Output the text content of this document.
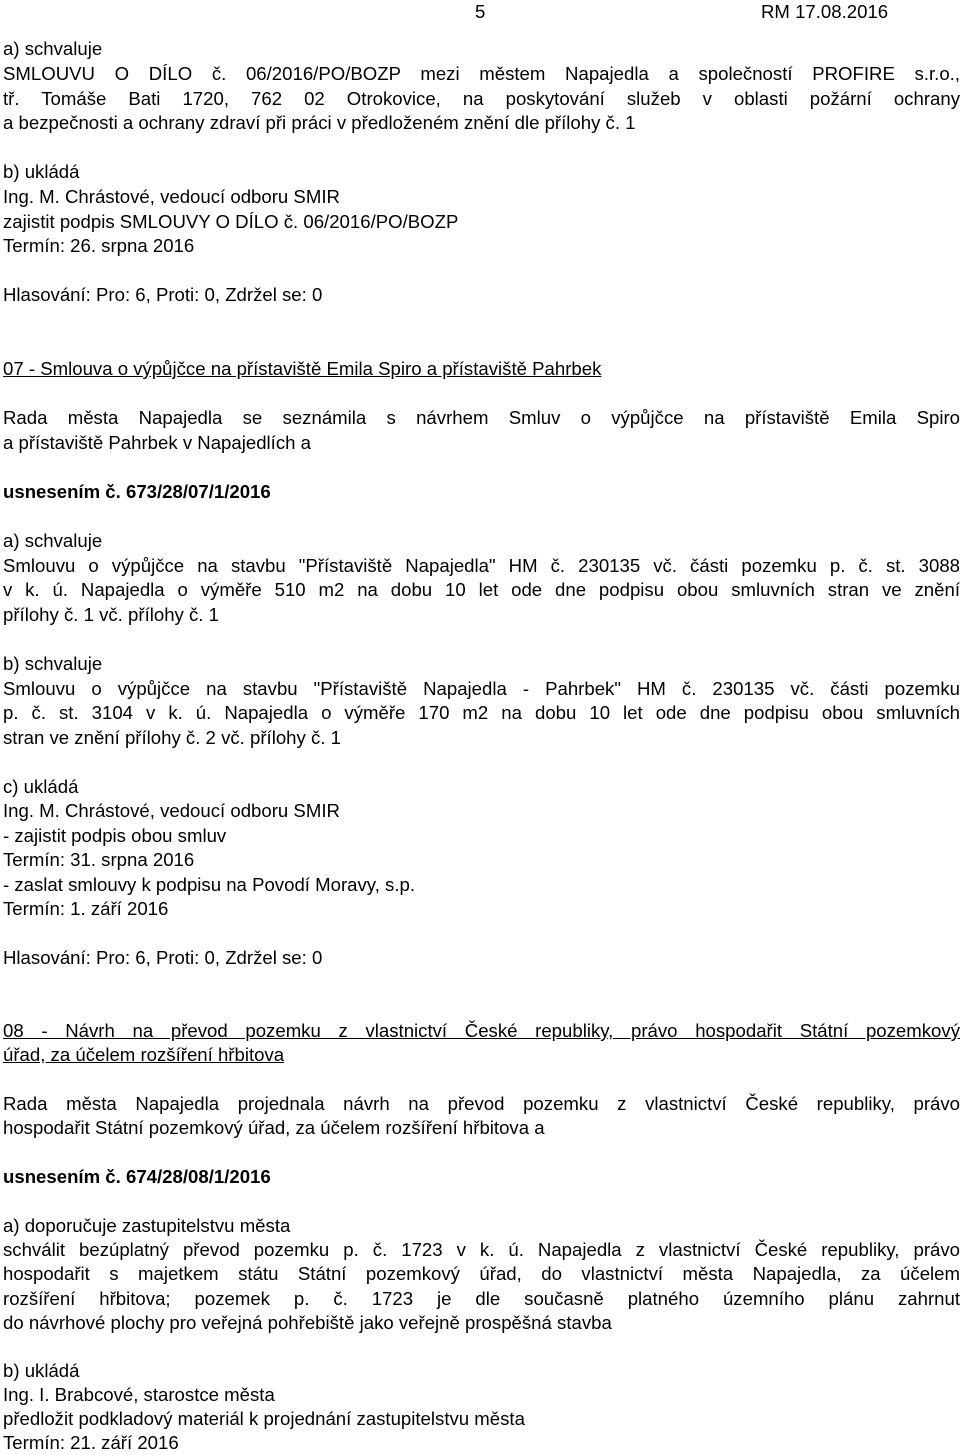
5	RM 17.08.2016
a) schvaluje
SMLOUVU O DÍLO č. 06/2016/PO/BOZP mezi městem Napajedla a společností PROFIRE s.r.o.,
tř. Tomáše Bati 1720, 762 02 Otrokovice, na poskytování služeb v oblasti požární ochrany
a bezpečnosti a ochrany zdraví při práci v předloženém znění dle přílohy č. 1
b) ukládá
Ing. M. Chrástové, vedoucí odboru SMIR
zajistit podpis SMLOUVY O DÍLO č. 06/2016/PO/BOZP
Termín: 26. srpna 2016
Hlasování: Pro: 6, Proti: 0, Zdržel se: 0
07 - Smlouva o výpůjčce na přístaviště Emila Spiro a přístaviště Pahrbek
Rada města Napajedla se seznámila s návrhem Smluv o výpůjčce na přístaviště Emila Spiro
a přístaviště Pahrbek v Napajedlích a
usnesením č. 673/28/07/1/2016
a) schvaluje
Smlouvu o výpůjčce na stavbu "Přístaviště Napajedla" HM č. 230135 vč. části pozemku p. č. st. 3088
v k. ú. Napajedla o výměře 510 m2 na dobu 10 let ode dne podpisu obou smluvních stran ve znění
přílohy č. 1 vč. přílohy č. 1
b) schvaluje
Smlouvu o výpůjčce na stavbu "Přístaviště Napajedla - Pahrbek" HM č. 230135 vč. části pozemku
p. č. st. 3104 v k. ú. Napajedla o výměře 170 m2 na dobu 10 let ode dne podpisu obou smluvních
stran ve znění přílohy č. 2 vč. přílohy č. 1
c) ukládá
Ing. M. Chrástové, vedoucí odboru SMIR
- zajistit podpis obou smluv
Termín: 31. srpna 2016
- zaslat smlouvy k podpisu na Povodí Moravy, s.p.
Termín: 1. září 2016
Hlasování: Pro: 6, Proti: 0, Zdržel se: 0
08 - Návrh na převod pozemku z vlastnictví České republiky, právo hospodařit Státní pozemkový
úřad, za účelem rozšíření hřbitova
Rada města Napajedla projednala návrh na převod pozemku z vlastnictví České republiky, právo
hospodařit Státní pozemkový úřad, za účelem rozšíření hřbitova a
usnesením č. 674/28/08/1/2016
a) doporučuje zastupitelstvu města
schválit bezúplatný převod pozemku p. č. 1723 v k. ú. Napajedla z vlastnictví České republiky, právo
hospodařit s majetkem státu Státní pozemkový úřad, do vlastnictví města Napajedla, za účelem
rozšíření hřbitova; pozemek p. č. 1723 je dle současně platného územního plánu zahrnut
do návrhové plochy pro veřejná pohřebiště jako veřejně prospěšná stavba
b) ukládá
Ing. I. Brabcové, starostce města
předložit podkladový materiál k projednání zastupitelstvu města
Termín: 21. září 2016
